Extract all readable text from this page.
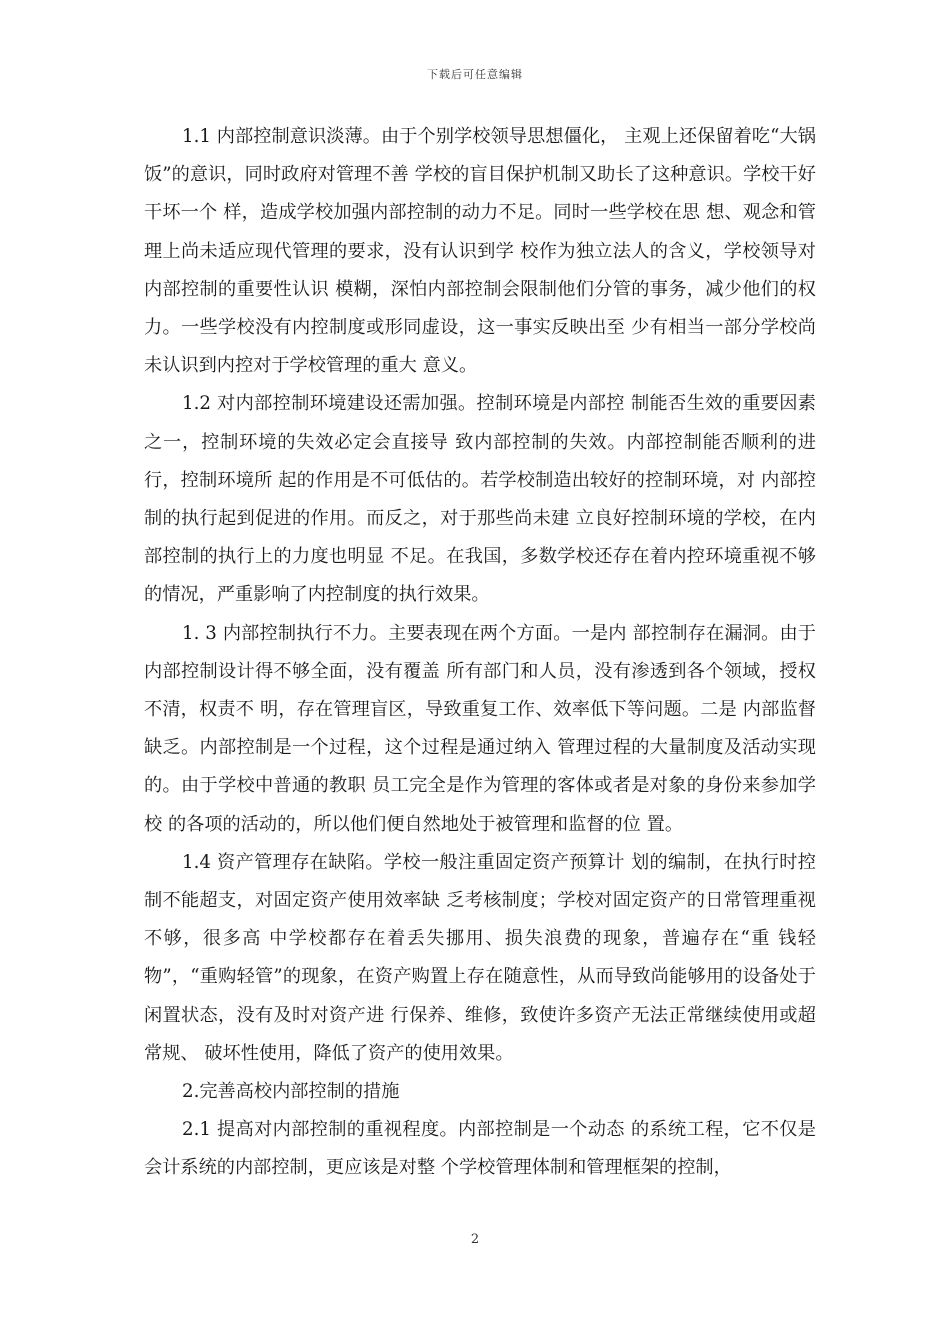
下载后可任意编辑

1.1 内部控制意识淡薄。由于个别学校领导思想僵化， 主观上还保留着吃“大锅饭”的意识，同时政府对管理不善 学校的盲目保护机制又助长了这种意识。学校干好干坏一个 样，造成学校加强内部控制的动力不足。同时一些学校在思 想、观念和管理上尚未适应现代管理的要求，没有认识到学 校作为独立法人的含义，学校领导对内部控制的重要性认识 模糊，深怕内部控制会限制他们分管的事务，减少他们的权 力。一些学校没有内控制度或形同虚设，这一事实反映出至 少有相当一部分学校尚未认识到内控对于学校管理的重大 意义。

1.2 对内部控制环境建设还需加强。控制环境是内部控 制能否生效的重要因素之一，控制环境的失效必定会直接导 致内部控制的失效。内部控制能否顺利的进行，控制环境所 起的作用是不可低估的。若学校制造出较好的控制环境，对 内部控制的执行起到促进的作用。而反之，对于那些尚未建 立良好控制环境的学校，在内部控制的执行上的力度也明显 不足。在我国，多数学校还存在着内控环境重视不够的情况，严重影响了内控制度的执行效果。

1. 3 内部控制执行不力。主要表现在两个方面。一是内 部控制存在漏洞。由于内部控制设计得不够全面，没有覆盖 所有部门和人员，没有渗透到各个领域，授权不清，权责不 明，存在管理盲区，导致重复工作、效率低下等问题。二是 内部监督缺乏。内部控制是一个过程，这个过程是通过纳入 管理过程的大量制度及活动实现的。由于学校中普通的教职 员工完全是作为管理的客体或者是对象的身份来参加学校 的各项的活动的，所以他们便自然地处于被管理和监督的位 置。

1.4 资产管理存在缺陷。学校一般注重固定资产预算计 划的编制，在执行时控制不能超支，对固定资产使用效率缺 乏考核制度；学校对固定资产的日常管理重视不够，很多高 中学校都存在着丢失挪用、损失浪费的现象，普遍存在“重 钱轻物”，“重购轻管”的现象，在资产购置上存在随意性，从而导致尚能够用的设备处于闲置状态，没有及时对资产进 行保养、维修，致使许多资产无法正常继续使用或超常规、 破坏性使用，降低了资产的使用效果。

2.完善高校内部控制的措施

2.1 提高对内部控制的重视程度。内部控制是一个动态 的系统工程，它不仅是会计系统的内部控制，更应该是对整 个学校管理体制和管理框架的控制，

2
